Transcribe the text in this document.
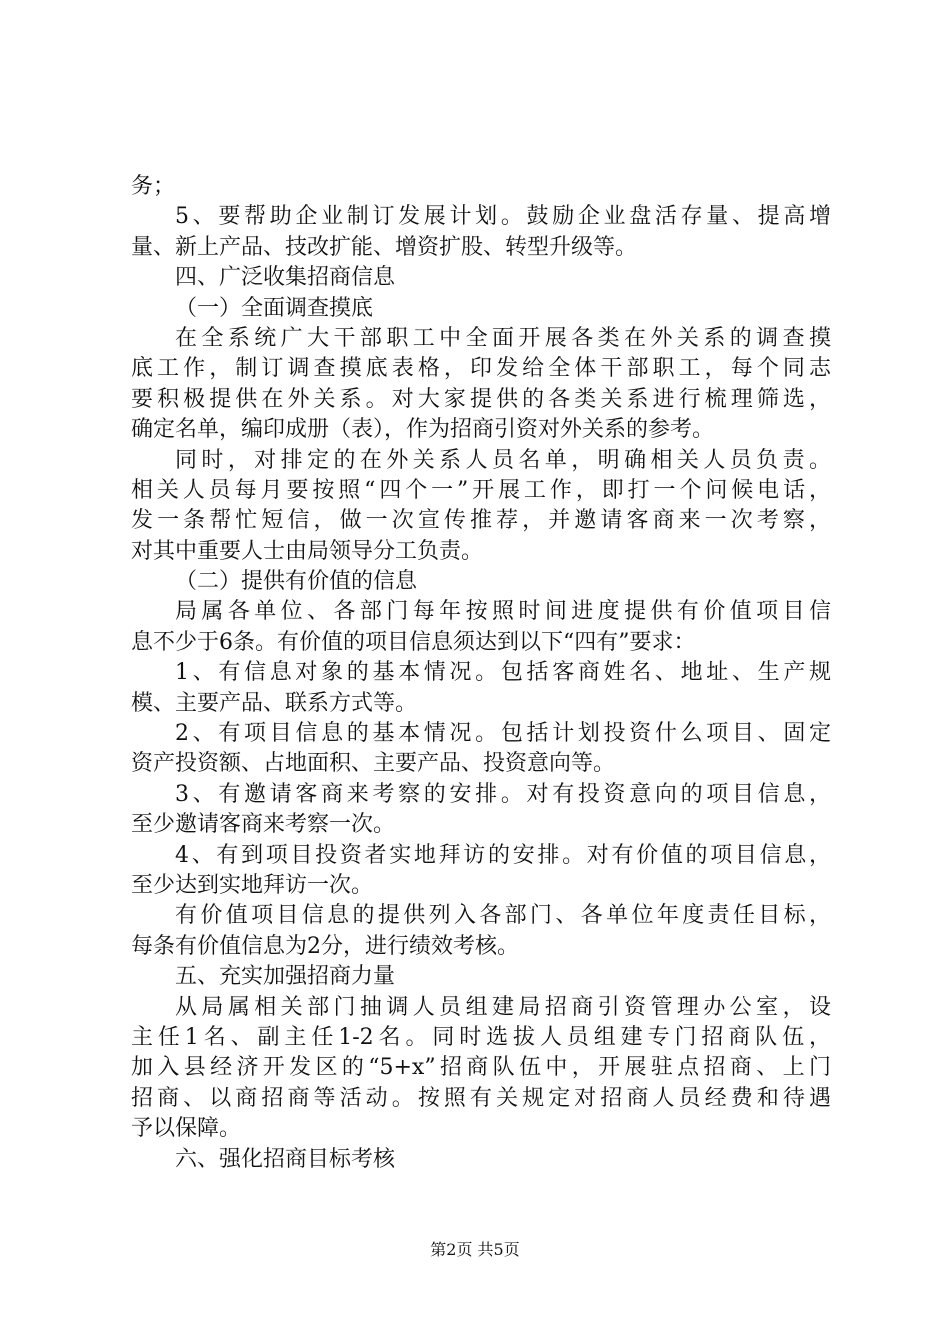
务；
5、要帮助企业制订发展计划。鼓励企业盘活存量、提高增
量、新上产品、技改扩能、增资扩股、转型升级等。
四、广泛收集招商信息
（一）全面调查摸底
在全系统广大干部职工中全面开展各类在外关系的调查摸
底工作，制订调查摸底表格，印发给全体干部职工，每个同志
要积极提供在外关系。对大家提供的各类关系进行梳理筛选，
确定名单，编印成册（表），作为招商引资对外关系的参考。
同时，对排定的在外关系人员名单，明确相关人员负责。
相关人员每月要按照“四个一”开展工作，即打一个问候电话，
发一条帮忙短信，做一次宣传推荐，并邀请客商来一次考察，
对其中重要人士由局领导分工负责。
（二）提供有价值的信息
局属各单位、各部门每年按照时间进度提供有价值项目信
息不少于6条。有价值的项目信息须达到以下“四有”要求：
1、有信息对象的基本情况。包括客商姓名、地址、生产规
模、主要产品、联系方式等。
2、有项目信息的基本情况。包括计划投资什么项目、固定
资产投资额、占地面积、主要产品、投资意向等。
3、有邀请客商来考察的安排。对有投资意向的项目信息，
至少邀请客商来考察一次。
4、有到项目投资者实地拜访的安排。对有价值的项目信息，
至少达到实地拜访一次。
有价值项目信息的提供列入各部门、各单位年度责任目标，
每条有价值信息为2分，进行绩效考核。
五、充实加强招商力量
从局属相关部门抽调人员组建局招商引资管理办公室，设
主任1名、副主任1-2名。同时选拔人员组建专门招商队伍，
加入县经济开发区的“5+x”招商队伍中，开展驻点招商、上门
招商、以商招商等活动。按照有关规定对招商人员经费和待遇
予以保障。
六、强化招商目标考核
第2页 共5页
